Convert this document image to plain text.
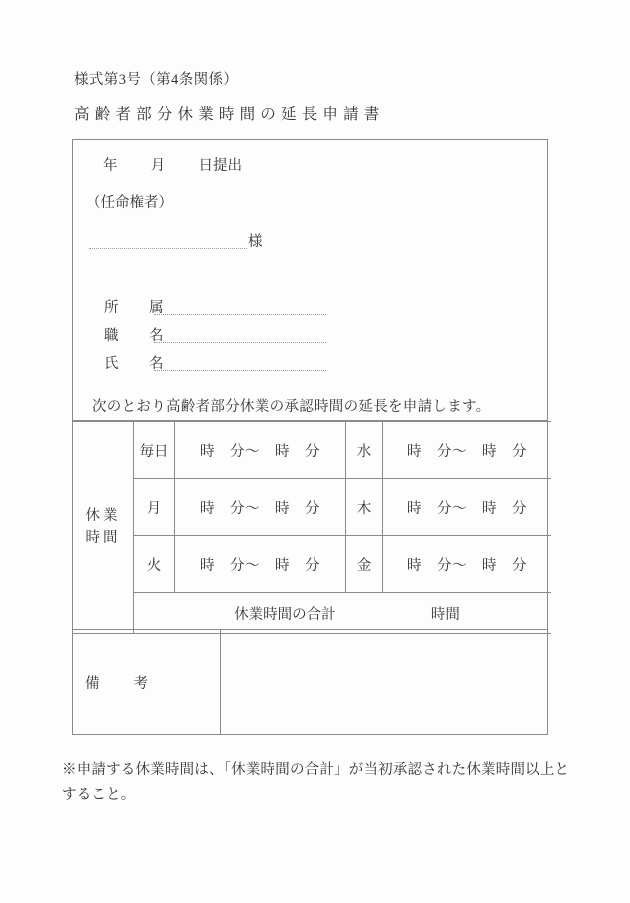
様式第3号（第4条関係）
高齢者部分休業時間の延長申請書
年 月 日提出
（任命権者）
様
所　属
職　名
氏　名
次のとおり高齢者部分休業の承認時間の延長を申請します。
休業時間	毎日	時　分〜　時　分	水	時　分〜　時　分
	月	時　分〜　時　分	木	時　分〜　時　分
	火	時　分〜　時　分	金	時　分〜　時　分
	休業時間の合計 時間			
備考
※申請する休業時間は、「休業時間の合計」が当初承認された休業時間以上とすること。
